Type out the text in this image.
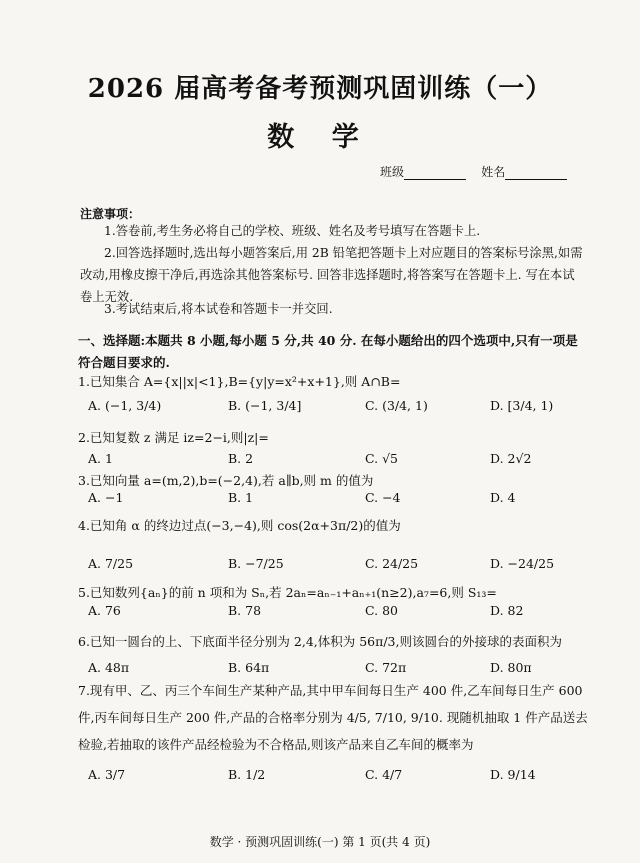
2026 届高考备考预测巩固训练（一）
数 学
班级	姓名
注意事项：
1.答卷前,考生务必将自己的学校、班级、姓名及考号填写在答题卡上.
2.回答选择题时,选出每小题答案后,用 2B 铅笔把答题卡上对应题目的答案标号涂黑,如需改动,用橡皮擦干净后,再选涂其他答案标号. 回答非选择题时,将答案写在答题卡上. 写在本试卷上无效.
3.考试结束后,将本试卷和答题卡一并交回.
一、选择题:本题共 8 小题,每小题 5 分,共 40 分. 在每小题给出的四个选项中,只有一项是符合题目要求的.
1.已知集合 A={x||x|<1},B={y|y=x²+x+1},则 A∩B=
A. (−1, 3/4)	B. (−1, 3/4]	C. (3/4, 1)	D. [3/4, 1)
2.已知复数 z 满足 iz=2−i,则|z|=
A. 1	B. 2	C. √5	D. 2√2
3.已知向量 a=(m,2),b=(−2,4),若 a∥b,则 m 的值为
A. −1	B. 1	C. −4	D. 4
4.已知角 α 的终边过点(−3,−4),则 cos(2α+3π/2)的值为
A. 7/25	B. −7/25	C. 24/25	D. −24/25
5.已知数列{aₙ}的前 n 项和为 Sₙ,若 2aₙ=aₙ₋₁+aₙ₊₁(n≥2),a₇=6,则 S₁₃=
A. 76	B. 78	C. 80	D. 82
6.已知一圆台的上、下底面半径分别为 2,4,体积为 56π/3,则该圆台的外接球的表面积为
A. 48π	B. 64π	C. 72π	D. 80π
7.现有甲、乙、丙三个车间生产某种产品,其中甲车间每日生产 400 件,乙车间每日生产 600 件,丙车间每日生产 200 件,产品的合格率分别为 4/5, 7/10, 9/10. 现随机抽取 1 件产品送去检验,若抽取的该件产品经检验为不合格品,则该产品来自乙车间的概率为
A. 3/7	B. 1/2	C. 4/7	D. 9/14
数学 · 预测巩固训练(一) 第 1 页(共 4 页)
